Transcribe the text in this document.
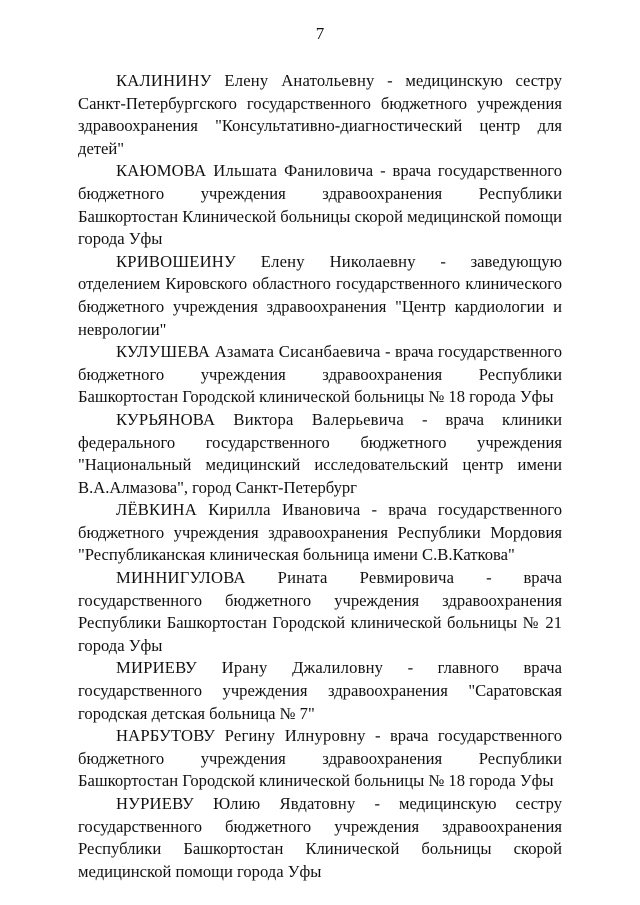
7

КАЛИНИНУ Елену Анатольевну - медицинскую сестру Санкт-Петербургского государственного бюджетного учреждения здравоохранения "Консультативно-диагностический центр для детей"

КАЮМОВА Ильшата Фаниловича - врача государственного бюджетного учреждения здравоохранения Республики Башкортостан Клинической больницы скорой медицинской помощи города Уфы

КРИВОШЕИНУ Елену Николаевну - заведующую отделением Кировского областного государственного клинического бюджетного учреждения здравоохранения "Центр кардиологии и неврологии"

КУЛУШЕВА Азамата Сисанбаевича - врача государственного бюджетного учреждения здравоохранения Республики Башкортостан Городской клинической больницы № 18 города Уфы

КУРЬЯНОВА Виктора Валерьевича - врача клиники федерального государственного бюджетного учреждения "Национальный медицинский исследовательский центр имени В.А.Алмазова", город Санкт-Петербург

ЛЁВКИНА Кирилла Ивановича - врача государственного бюджетного учреждения здравоохранения Республики Мордовия "Республиканская клиническая больница имени С.В.Каткова"

МИННИГУЛОВА Рината Ревмировича - врача государственного бюджетного учреждения здравоохранения Республики Башкортостан Городской клинической больницы № 21 города Уфы

МИРИЕВУ Ирану Джалиловну - главного врача государственного учреждения здравоохранения "Саратовская городская детская больница № 7"

НАРБУТОВУ Регину Илнуровну - врача государственного бюджетного учреждения здравоохранения Республики Башкортостан Городской клинической больницы № 18 города Уфы

НУРИЕВУ Юлию Явдатовну - медицинскую сестру государственного бюджетного учреждения здравоохранения Республики Башкортостан Клинической больницы скорой медицинской помощи города Уфы
